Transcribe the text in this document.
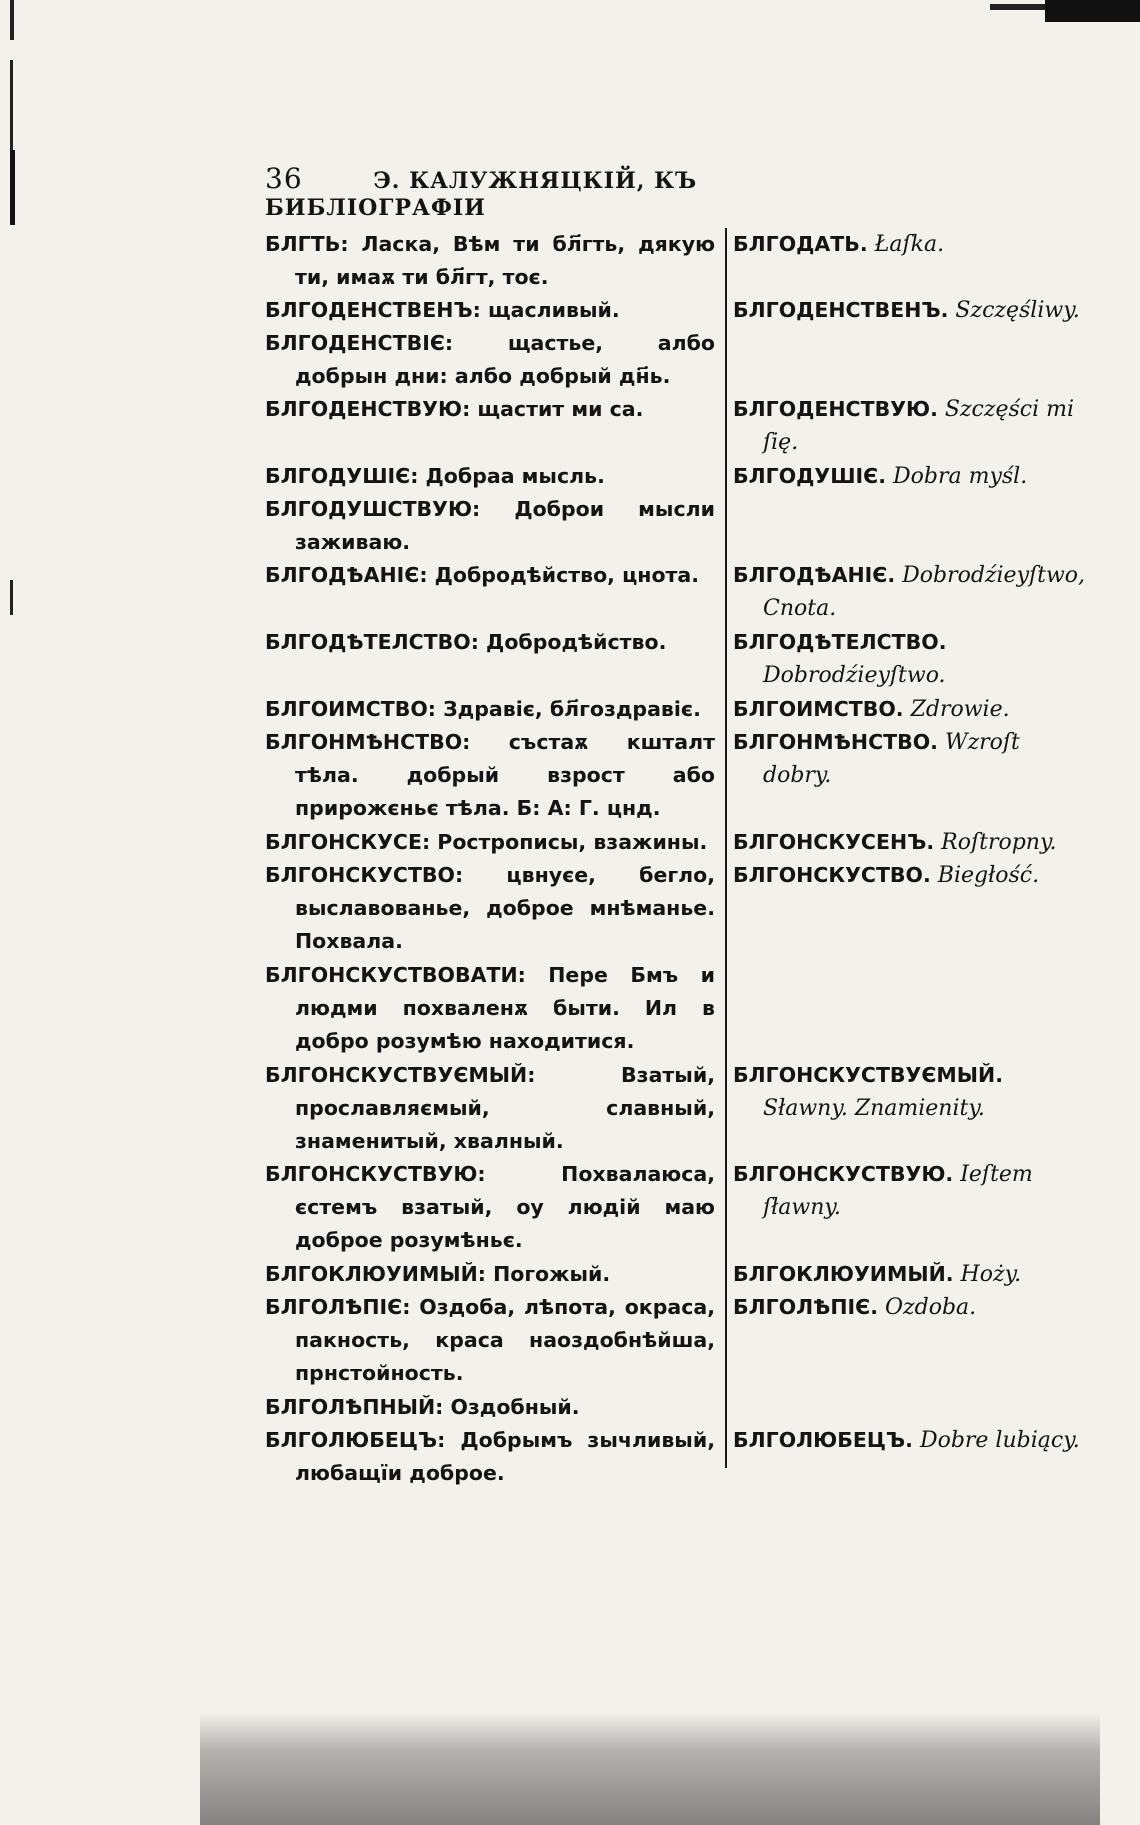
36	Э. КАЛУЖНЯЦКІЙ, КЪ БИБЛІОГРАФІИ
БЛГТЬ: Ласка, Вѣм ти бл҃гть, дякую ти, имаѫ ти бл҃гт, тоє.
БЛГОДЕНСТВЕНЪ: щасливый.
БЛГОДЕНСТВІЄ: щастье, албо добрын дни: албо добрый дн҃ь.
БЛГОДЕНСТВУЮ: щастит ми са.
БЛГОДУШІЄ: Добраа мысль.
БЛГОДУШСТВУЮ: Доброи мысли заживаю.
БЛГОДѢАНІЄ: Добродѣйство, цнота.
БЛГОДѢТЕЛСТВО: Добродѣйство.
БЛГОИМСТВО: Здравіє, бл҃гоздравіє.
БЛГОНМѢНСТВО: състаѫ кшталт тѣла. добрый взрост або прирожєньє тѣла. Б: А: Г. цнд.
БЛГОНСКУСЕ: Рострописы, взажины.
БЛГОНСКУСТВО: цвнуєе, бегло, выславованье, доброе мнѣманье. Похвала.
БЛГОНСКУСТВОВАТИ: Пере Бмъ и людми похваленѫ быти. Ил в добро розумѣю находитися.
БЛГОНСКУСТВУЄМЫЙ: Взатый, прославляємый, славный, знаменитый, хвалный.
БЛГОНСКУСТВУЮ: Похвалаюса, єстемъ взатый, оу людій маю доброе розумѣньє.
БЛГОКЛЮУИМЫЙ: Погожый.
БЛГОЛѢПІЄ: Оздоба, лѣпота, окраса, пакность, краса наоздобнѣйша, прнстойность.
БЛГОЛѢПНЫЙ: Оздобный.
БЛГОЛЮБЕЦЪ: Добрымъ зычливый, любащїи доброе.
БЛГОДАТЬ. Łaſka.
БЛГОДЕНСТВЕНЪ. Szczęśliwy.
БЛГОДЕНСТВУЮ. Szczęści mi ſię.
БЛГОДУШІЄ. Dobra myśl.
БЛГОДѢАНІЄ. Dobrodźieyſtwo, Cnota.
БЛГОДѢТЕЛСТВО. Dobrodźieyſtwo.
БЛГОИМСТВО. Zdrowie.
БЛГОНМѢНСТВО. Wzroſt dobry.
БЛГОНСКУСЕНЪ. Roſtropny.
БЛГОНСКУСТВО. Biegłość.
БЛГОНСКУСТВУЄМЫЙ. Sławny. Znamienity.
БЛГОНСКУСТВУЮ. Ieſtem ſławny.
БЛГОКЛЮУИМЫЙ. Hoży.
БЛГОЛѢПІЄ. Ozdoba.
БЛГОЛЮБЕЦЪ. Dobre lubiący.
